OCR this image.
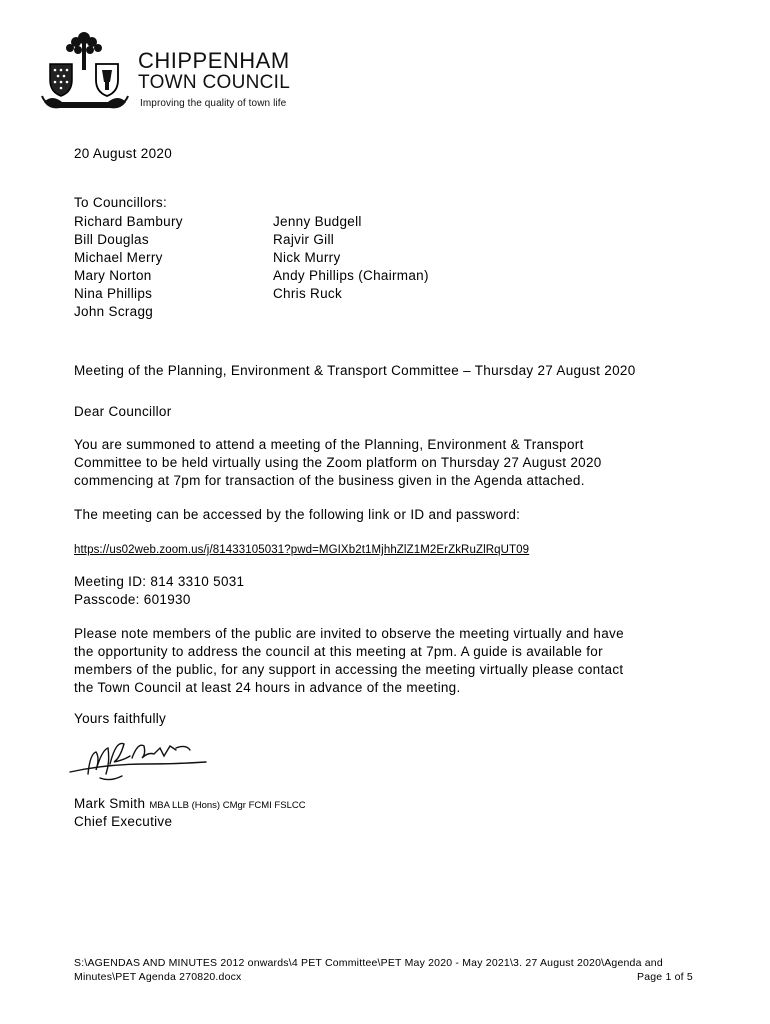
CHIPPENHAM
TOWN COUNCIL
Improving the quality of town life
20 August 2020
To Councillors:
Richard Bambury
Bill Douglas
Michael Merry
Mary Norton
Nina Phillips
John Scragg
Jenny Budgell
Rajvir Gill
Nick Murry
Andy Phillips (Chairman)
Chris Ruck
Meeting of the Planning, Environment & Transport Committee – Thursday 27 August 2020
Dear Councillor
You are summoned to attend a meeting of the Planning, Environment & Transport
Committee to be held virtually using the Zoom platform on Thursday 27 August 2020
commencing at 7pm for transaction of the business given in the Agenda attached.
The meeting can be accessed by the following link or ID and password:
https://us02web.zoom.us/j/81433105031?pwd=MGIXb2t1MjhhZlZ1M2ErZkRuZlRqUT09
Meeting ID: 814 3310 5031
Passcode: 601930
Please note members of the public are invited to observe the meeting virtually and have
the opportunity to address the council at this meeting at 7pm. A guide is available for
members of the public, for any support in accessing the meeting virtually please contact
the Town Council at least 24 hours in advance of the meeting.
Yours faithfully
Mark Smith MBA LLB (Hons) CMgr FCMI FSLCC
Chief Executive
S:\AGENDAS AND MINUTES 2012 onwards\4 PET Committee\PET May 2020 - May 2021\3. 27 August 2020\Agenda and
Minutes\PET Agenda 270820.docx	Page 1 of 5
